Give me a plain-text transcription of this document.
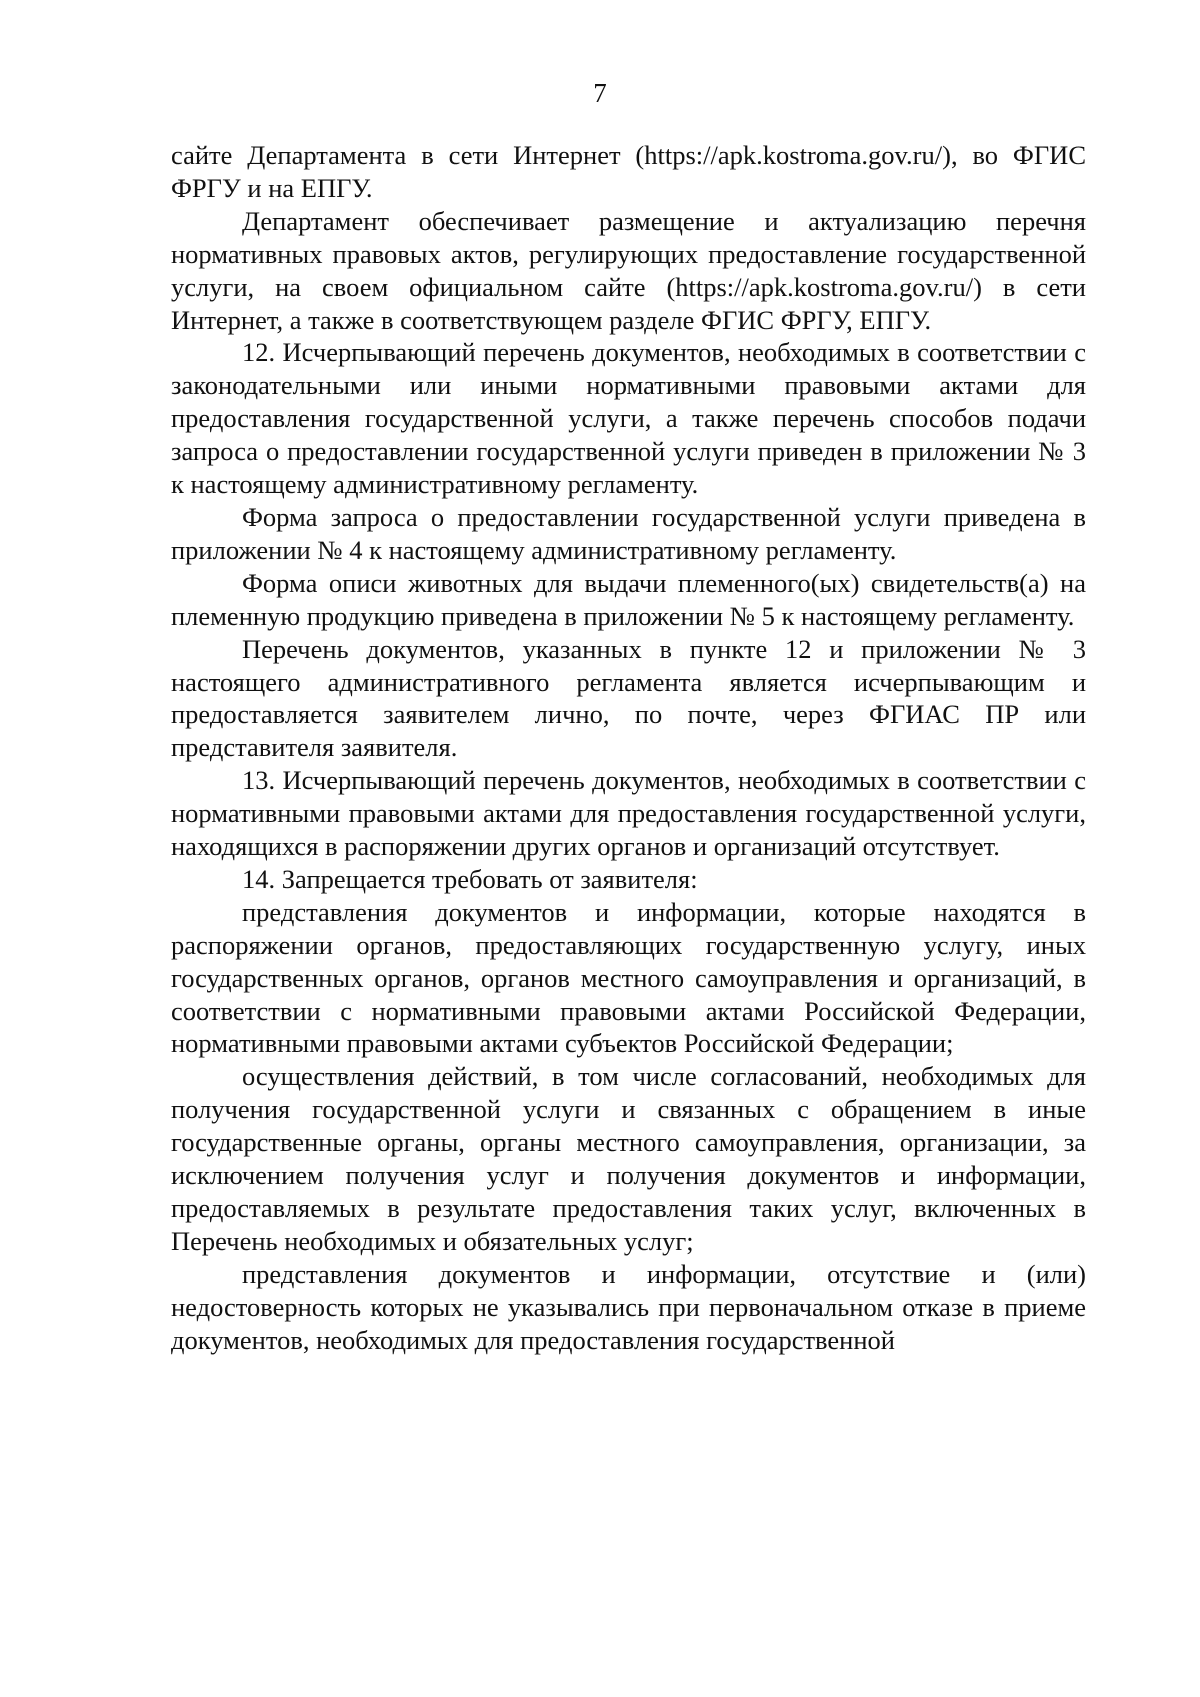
7

сайте Департамента в сети Интернет (https://apk.kostroma.gov.ru/), во ФГИС ФРГУ и на ЕПГУ.

Департамент обеспечивает размещение и актуализацию перечня нормативных правовых актов, регулирующих предоставление государственной услуги, на своем официальном сайте (https://apk.kostroma.gov.ru/) в сети Интернет, а также в соответствующем разделе ФГИС ФРГУ, ЕПГУ.

12. Исчерпывающий перечень документов, необходимых в соответствии с законодательными или иными нормативными правовыми актами для предоставления государственной услуги, а также перечень способов подачи запроса о предоставлении государственной услуги приведен в приложении № 3 к настоящему административному регламенту.

Форма запроса о предоставлении государственной услуги приведена в приложении № 4 к настоящему административному регламенту.

Форма описи животных для выдачи племенного(ых) свидетельств(а) на племенную продукцию приведена в приложении № 5 к настоящему регламенту.

Перечень документов, указанных в пункте 12 и приложении № 3 настоящего административного регламента является исчерпывающим и предоставляется заявителем лично, по почте, через ФГИАС ПР или представителя заявителя.

13. Исчерпывающий перечень документов, необходимых в соответствии с нормативными правовыми актами для предоставления государственной услуги, находящихся в распоряжении других органов и организаций отсутствует.

14. Запрещается требовать от заявителя:

представления документов и информации, которые находятся в распоряжении органов, предоставляющих государственную услугу, иных государственных органов, органов местного самоуправления и организаций, в соответствии с нормативными правовыми актами Российской Федерации, нормативными правовыми актами субъектов Российской Федерации;

осуществления действий, в том числе согласований, необходимых для получения государственной услуги и связанных с обращением в иные государственные органы, органы местного самоуправления, организации, за исключением получения услуг и получения документов и информации, предоставляемых в результате предоставления таких услуг, включенных в Перечень необходимых и обязательных услуг;

представления документов и информации, отсутствие и (или) недостоверность которых не указывались при первоначальном отказе в приеме документов, необходимых для предоставления государственной
